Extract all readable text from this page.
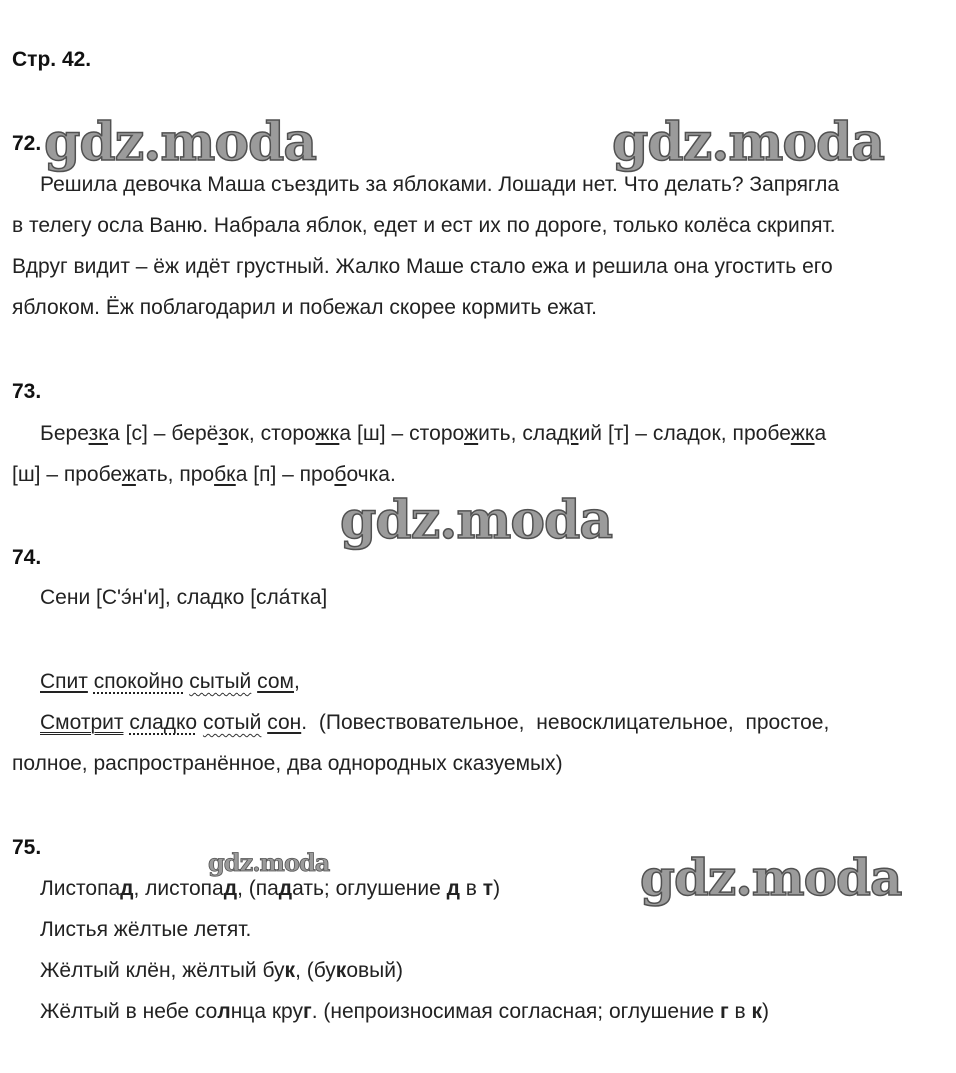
Стр. 42.
gdz.moda	gdz.moda
gdz.moda
gdz.moda	gdz.moda
72.
Решила девочка Маша съездить за яблоками. Лошади нет. Что делать? Запрягла
в телегу осла Ваню. Набрала яблок, едет и ест их по дороге, только колёса скрипят.
Вдруг видит – ёж идёт грустный. Жалко Маше стало ежа и решила она угостить его
яблоком. Ёж поблагодарил и побежал скорее кормить ежат.
73.
Березка [с] – берёзок, сторожка [ш] – сторожить, сладкий [т] – сладок, пробежка
[ш] – пробежать, пробка [п] – пробочка.
74.
Сени [С'э́н'и], сладко [сла́тка]
Спит спокойно сытый сом,
Смотрит сладко сотый сон. (Повествовательное, невосклицательное, простое,
полное, распространённое, два однородных сказуемых)
75.
Листопад, листопад, (падать; оглушение д в т)
Листья жёлтые летят.
Жёлтый клён, жёлтый бук, (буковый)
Жёлтый в небе солнца круг. (непроизносимая согласная; оглушение г в к)
